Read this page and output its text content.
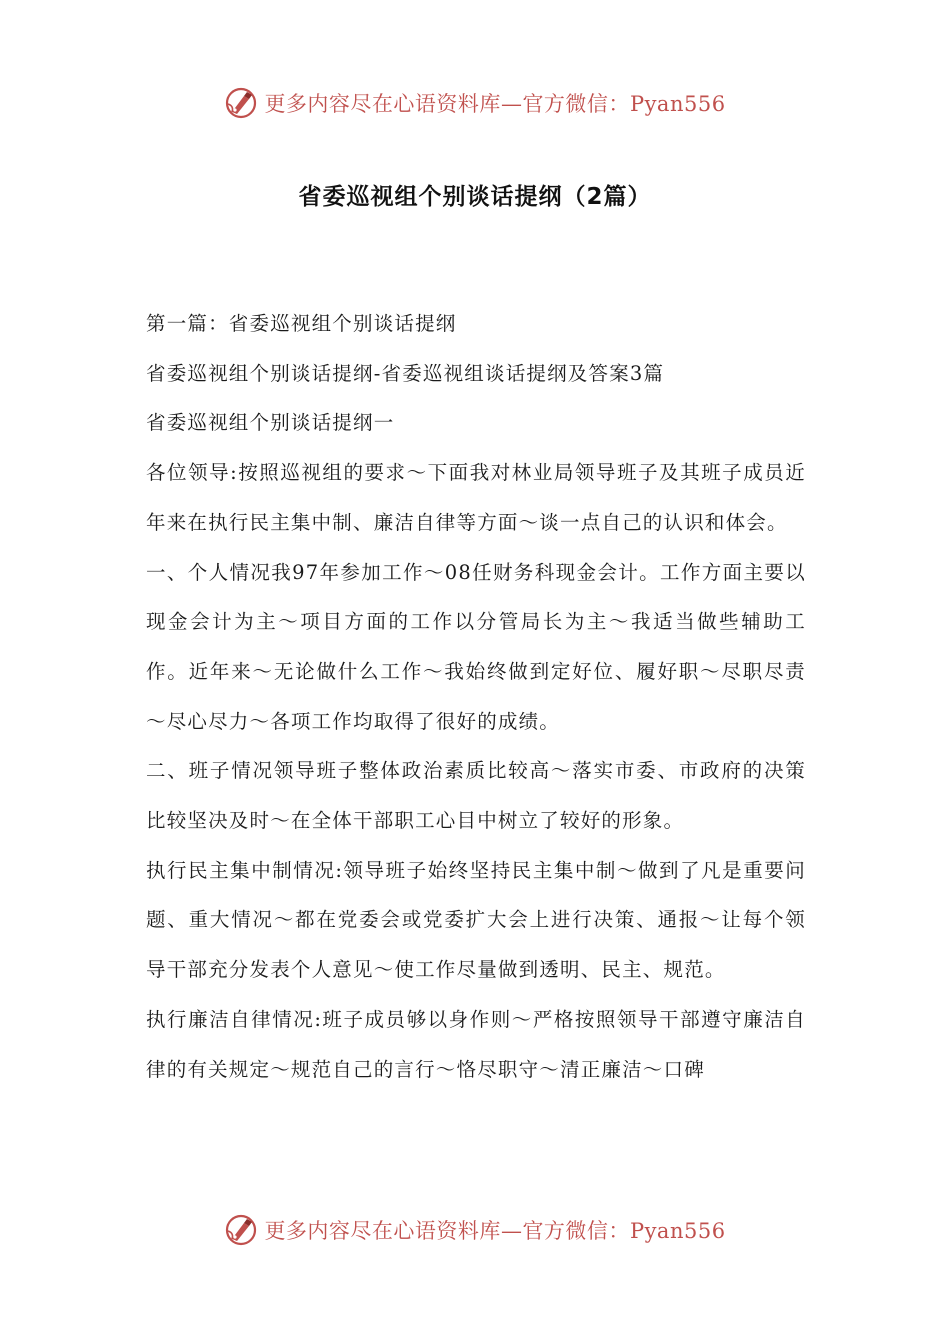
更多内容尽在心语资料库—官方微信：Pyan556
省委巡视组个别谈话提纲（2篇）

第一篇：省委巡视组个别谈话提纲

省委巡视组个别谈话提纲-省委巡视组谈话提纲及答案3篇

省委巡视组个别谈话提纲一

各位领导:按照巡视组的要求～下面我对林业局领导班子及其班子成员近年来在执行民主集中制、廉洁自律等方面～谈一点自己的认识和体会。

一、个人情况我97年参加工作～08任财务科现金会计。工作方面主要以现金会计为主～项目方面的工作以分管局长为主～我适当做些辅助工作。近年来～无论做什么工作～我始终做到定好位、履好职～尽职尽责～尽心尽力～各项工作均取得了很好的成绩。

二、班子情况领导班子整体政治素质比较高～落实市委、市政府的决策比较坚决及时～在全体干部职工心目中树立了较好的形象。

执行民主集中制情况:领导班子始终坚持民主集中制～做到了凡是重要问题、重大情况～都在党委会或党委扩大会上进行决策、通报～让每个领导干部充分发表个人意见～使工作尽量做到透明、民主、规范。

执行廉洁自律情况:班子成员够以身作则～严格按照领导干部遵守廉洁自律的有关规定～规范自己的言行～恪尽职守～清正廉洁～口碑

更多内容尽在心语资料库—官方微信：Pyan556
